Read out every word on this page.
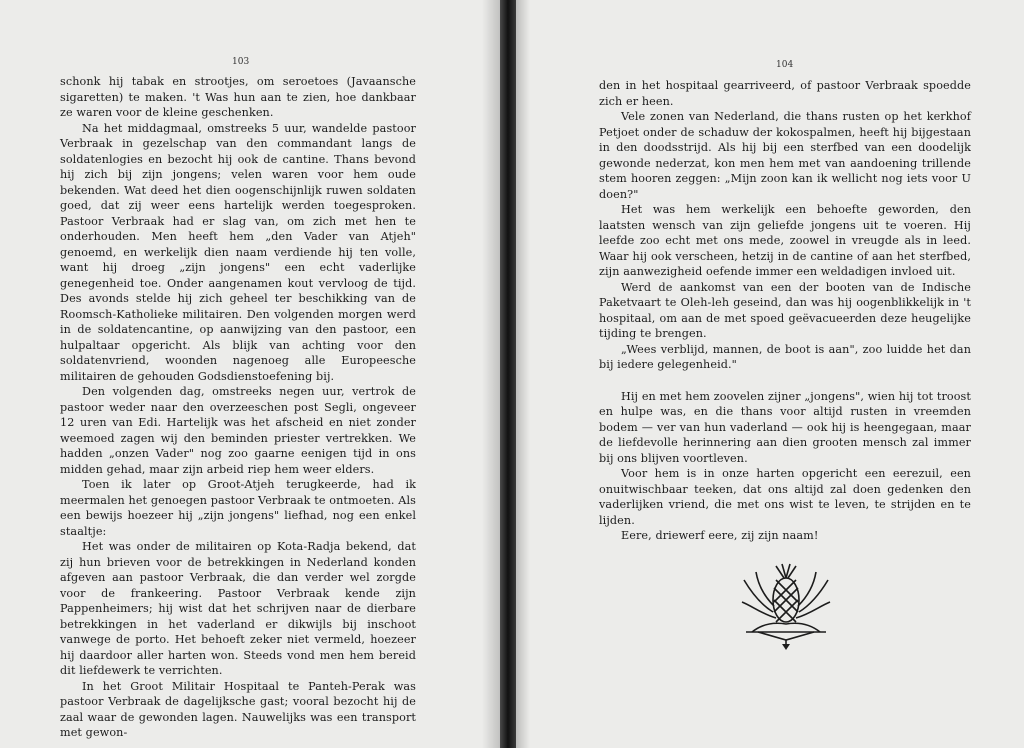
103

schonk hij tabak en strootjes, om seroetoes (Javaansche sigaretten) te maken. 't Was hun aan te zien, hoe dankbaar ze waren voor de kleine geschenken.

Na het middagmaal, omstreeks 5 uur, wandelde pastoor Verbraak in gezelschap van den commandant langs de soldatenlogies en bezocht hij ook de cantine. Thans bevond hij zich bij zijn jongens; velen waren voor hem oude bekenden. Wat deed het dien oogenschijnlijk ruwen soldaten goed, dat zij weer eens hartelijk werden toegesproken. Pastoor Verbraak had er slag van, om zich met hen te onderhouden. Men heeft hem „den Vader van Atjeh" genoemd, en werkelijk dien naam verdiende hij ten volle, want hij droeg „zijn jongens" een echt vaderlijke genegenheid toe. Onder aangenamen kout vervloog de tijd. Des avonds stelde hij zich geheel ter beschikking van de Roomsch-Katholieke militairen. Den volgenden morgen werd in de soldatencantine, op aanwijzing van den pastoor, een hulpaltaar opgericht. Als blijk van achting voor den soldatenvriend, woonden nagenoeg alle Europeesche militairen de gehouden Godsdienstoefening bij.

Den volgenden dag, omstreeks negen uur, vertrok de pastoor weder naar den overzeeschen post Segli, ongeveer 12 uren van Edi. Hartelijk was het afscheid en niet zonder weemoed zagen wij den beminden priester vertrekken. We hadden „onzen Vader" nog zoo gaarne eenigen tijd in ons midden gehad, maar zijn arbeid riep hem weer elders.

Toen ik later op Groot-Atjeh terugkeerde, had ik meermalen het genoegen pastoor Verbraak te ontmoeten. Als een bewijs hoezeer hij „zijn jongens" liefhad, nog een enkel staaltje:

Het was onder de militairen op Kota-Radja bekend, dat zij hun brieven voor de betrekkingen in Nederland konden afgeven aan pastoor Verbraak, die dan verder wel zorgde voor de frankeering. Pastoor Verbraak kende zijn Pappenheimers; hij wist dat het schrijven naar de dierbare betrekkingen in het vaderland er dikwijls bij inschoot vanwege de porto. Het behoeft zeker niet vermeld, hoezeer hij daardoor aller harten won. Steeds vond men hem bereid dit liefdewerk te verrichten.

In het Groot Militair Hospitaal te Panteh-Perak was pastoor Verbraak de dagelijksche gast; vooral bezocht hij de zaal waar de gewonden lagen. Nauwelijks was een transport met gewon-

104

den in het hospitaal gearriveerd, of pastoor Verbraak spoedde zich er heen.

Vele zonen van Nederland, die thans rusten op het kerkhof Petjoet onder de schaduw der kokospalmen, heeft hij bijgestaan in den doodsstrijd. Als hij bij een sterfbed van een doodelijk gewonde nederzat, kon men hem met van aandoening trillende stem hooren zeggen: „Mijn zoon kan ik wellicht nog iets voor U doen?"

Het was hem werkelijk een behoefte geworden, den laatsten wensch van zijn geliefde jongens uit te voeren. Hij leefde zoo echt met ons mede, zoowel in vreugde als in leed. Waar hij ook verscheen, hetzij in de cantine of aan het sterfbed, zijn aanwezigheid oefende immer een weldadigen invloed uit.

Werd de aankomst van een der booten van de Indische Paketvaart te Oleh-leh geseind, dan was hij oogenblikkelijk in 't hospitaal, om aan de met spoed geëvacueerden deze heugelijke tijding te brengen.

„Wees verblijd, mannen, de boot is aan", zoo luidde het dan bij iedere gelegenheid."

Hij en met hem zoovelen zijner „jongens", wien hij tot troost en hulpe was, en die thans voor altijd rusten in vreemden bodem — ver van hun vaderland — ook hij is heengegaan, maar de liefdevolle herinnering aan dien grooten mensch zal immer bij ons blijven voortleven.

Voor hem is in onze harten opgericht een eerezuil, een onuitwischbaar teeken, dat ons altijd zal doen gedenken den vaderlijken vriend, die met ons wist te leven, te strijden en te lijden.

Eere, driewerf eere, zij zijn naam!
